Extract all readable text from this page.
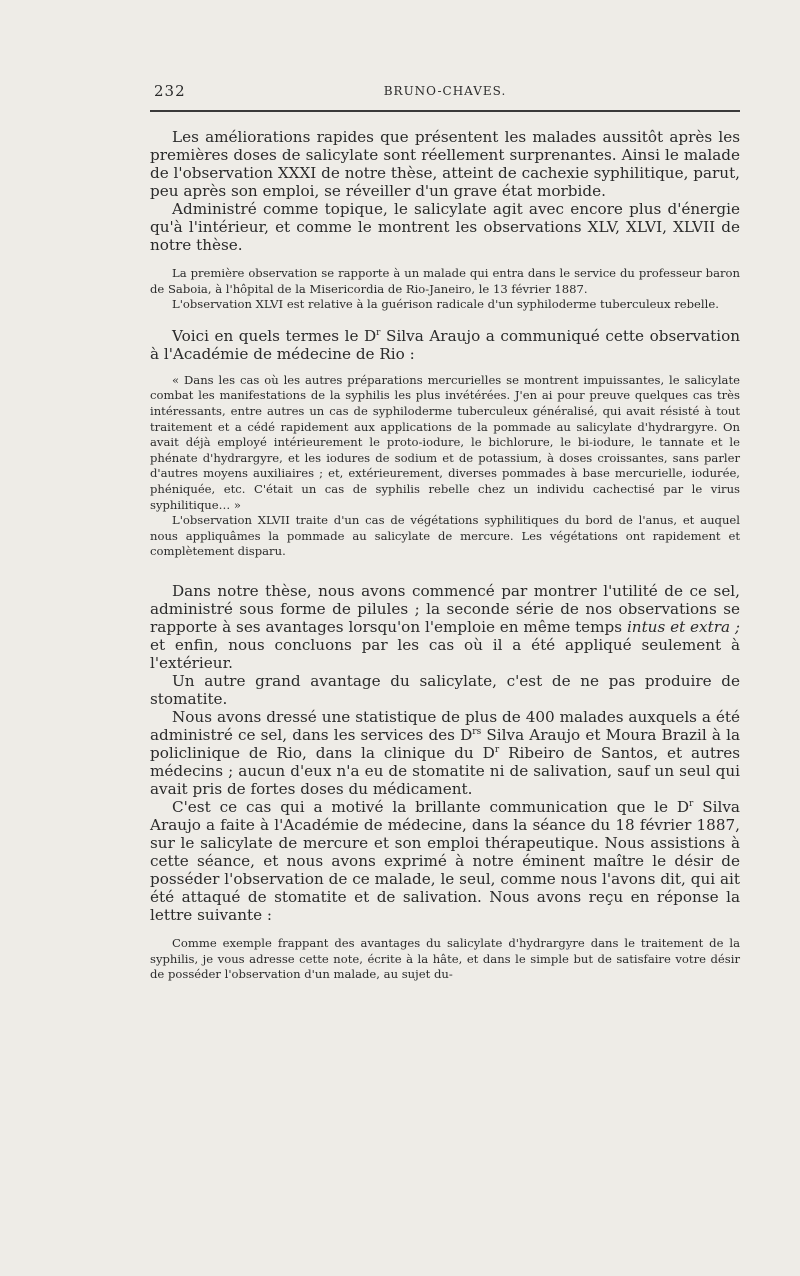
232	BRUNO-CHAVES.

Les améliorations rapides que présentent les malades aussitôt après les premières doses de salicylate sont réellement surprenantes. Ainsi le malade de l'observation XXXI de notre thèse, atteint de cachexie syphilitique, parut, peu après son emploi, se réveiller d'un grave état morbide.

Administré comme topique, le salicylate agit avec encore plus d'énergie qu'à l'intérieur, et comme le montrent les observations XLV, XLVI, XLVII de notre thèse.

La première observation se rapporte à un malade qui entra dans le service du professeur baron de Saboia, à l'hôpital de la Misericordia de Rio-Janeiro, le 13 février 1887.

L'observation XLVI est relative à la guérison radicale d'un syphiloderme tuberculeux rebelle.

Voici en quels termes le $D^r$ Silva Araujo a communiqué cette observation à l'Académie de médecine de Rio :

« Dans les cas où les autres préparations mercurielles se montrent impuissantes, le salicylate combat les manifestations de la syphilis les plus invétérées. J'en ai pour preuve quelques cas très intéressants, entre autres un cas de syphiloderme tuberculeux généralisé, qui avait résisté à tout traitement et a cédé rapidement aux applications de la pommade au salicylate d'hydrargyre. On avait déjà employé intérieurement le proto-iodure, le bichlorure, le bi-iodure, le tannate et le phénate d'hydrargyre, et les iodures de sodium et de potassium, à doses croissantes, sans parler d'autres moyens auxiliaires ; et, extérieurement, diverses pommades à base mercurielle, iodurée, phéniquée, etc. C'était un cas de syphilis rebelle chez un individu cachectisé par le virus syphilitique… »

L'observation XLVII traite d'un cas de végétations syphilitiques du bord de l'anus, et auquel nous appliquâmes la pommade au salicylate de mercure. Les végétations ont rapidement et complètement disparu.

Dans notre thèse, nous avons commencé par montrer l'utilité de ce sel, administré sous forme de pilules ; la seconde série de nos observations se rapporte à ses avantages lorsqu'on l'emploie en même temps intus et extra ; et enfin, nous concluons par les cas où il a été appliqué seulement à l'extérieur.

Un autre grand avantage du salicylate, c'est de ne pas produire de stomatite.

Nous avons dressé une statistique de plus de 400 malades auxquels a été administré ce sel, dans les services des $D^{rs}$ Silva Araujo et Moura Brazil à la policlinique de Rio, dans la clinique du $D^r$ Ribeiro de Santos, et autres médecins ; aucun d'eux n'a eu de stomatite ni de salivation, sauf un seul qui avait pris de fortes doses du médicament.

C'est ce cas qui a motivé la brillante communication que le $D^r$ Silva Araujo a faite à l'Académie de médecine, dans la séance du 18 février 1887, sur le salicylate de mercure et son emploi thérapeutique. Nous assistions à cette séance, et nous avons exprimé à notre éminent maître le désir de posséder l'observation de ce malade, le seul, comme nous l'avons dit, qui ait été attaqué de stomatite et de salivation. Nous avons reçu en réponse la lettre suivante :

Comme exemple frappant des avantages du salicylate d'hydrargyre dans le traitement de la syphilis, je vous adresse cette note, écrite à la hâte, et dans le simple but de satisfaire votre désir de posséder l'observation d'un malade, au sujet du-
